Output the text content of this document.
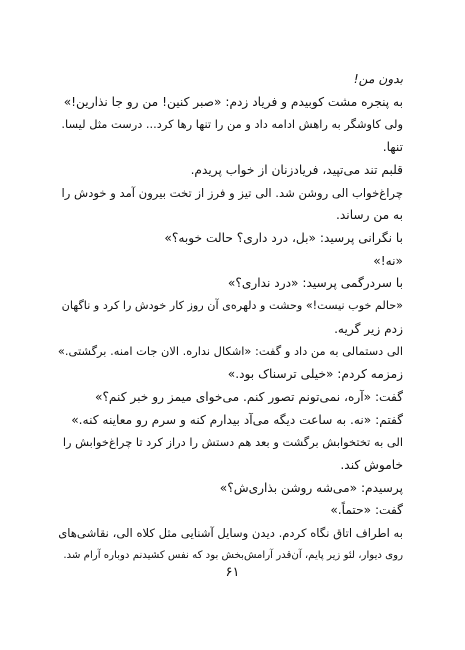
بدون من!
به پنجره مشت کوبیدم و فریاد زدم: «صبر کنین! من رو جا نذارین!»
ولی کاوشگر به راهش ادامه داد و من را تنها رها کرد... درست مثل لیسا.
تنها.
قلبم تند می‌تپید، فریادزنان از خواب پریدم.
چراغ‌خواب الی روشن شد. الی تیز و فرز از تخت بیرون آمد و خودش را
به من رساند.
با نگرانی پرسید: «بل، درد داری؟ حالت خوبه؟»
«نه!»
با سردرگمی پرسید: «درد نداری؟»
«حالم خوب نیست!» وحشت و دلهره‌ی آن روز کار خودش را کرد و ناگهان
زدم زیر گریه.
الی دستمالی به من داد و گفت: «اشکال نداره. الان جات امنه. برگشتی.»
زمزمه کردم: «خیلی ترسناک بود.»
گفت: «آره، نمی‌تونم تصور کنم. می‌خوای میمز رو خبر کنم؟»
گفتم: «نه. به ساعت دیگه می‌آد بیدارم کنه و سرم رو معاینه کنه.»
الی به تختخوابش برگشت و بعد هم دستش را دراز کرد تا چراغ‌خوابش را
خاموش کند.
پرسیدم: «می‌شه روشن بذاری‌ش؟»
گفت: «حتماً.»
به اطراف اتاق نگاه کردم. دیدن وسایل آشنایی مثل کلاه الی، نقاشی‌های
روی دیوار، لئو زیر پایم، آن‌قدر آرامش‌بخش بود که نفس کشیدنم دوباره آرام شد.
۶۱
